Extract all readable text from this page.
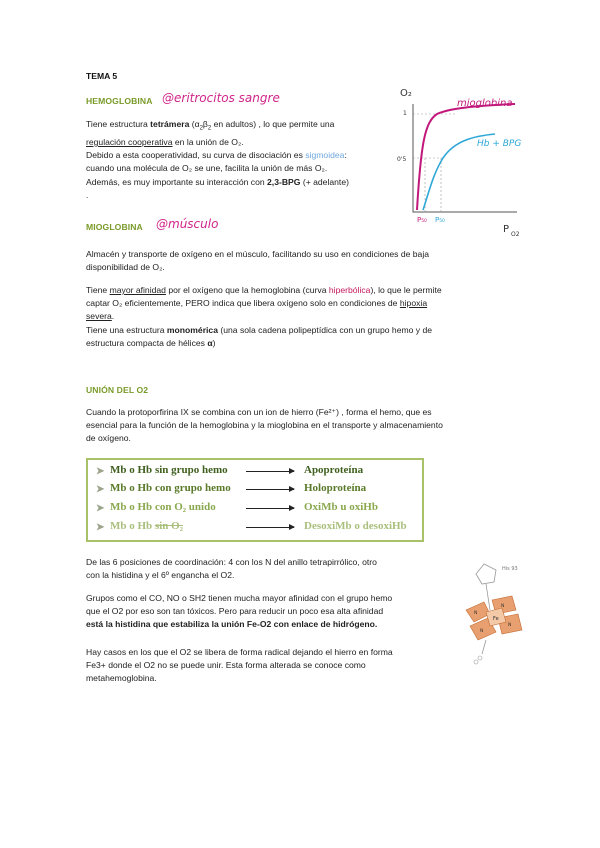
TEMA 5
HEMOGLOBINA @eritrocitos sangre
Tiene estructura tetrámera ($\alpha_2\beta_2$ en adultos) , lo que permite una
regulación cooperativa en la unión de O₂.
Debido a esta cooperatividad, su curva de disociación es sigmoidea:
cuando una molécula de O₂ se une, facilita la unión de más O₂.
Además, es muy importante su interacción con 2,3-BPG (+ adelante)
.
O₂
1
0'5
mioglobina
Hb + BPG
P₅₀ P₅₀
P O2
MIOGLOBINA @músculo
Almacén y transporte de oxígeno en el músculo, facilitando su uso en condiciones de baja
disponibilidad de O₂.
Tiene mayor afinidad por el oxígeno que la hemoglobina (curva hiperbólica), lo que le permite
captar O₂ eficientemente, PERO indica que libera oxígeno solo en condiciones de hipoxia
severa.
Tiene una estructura monomérica (una sola cadena polipeptídica con un grupo hemo y de
estructura compacta de hélices α)
UNIÓN DEL O2
Cuando la protoporfirina IX se combina con un ion de hierro (Fe²⁺) , forma el hemo, que es
esencial para la función de la hemoglobina y la mioglobina en el transporte y almacenamiento
de oxígeno.
➤ Mb o Hb sin grupo hemo	Apoproteína
➤ Mb o Hb con grupo hemo	Holoproteína
➤ Mb o Hb con O₂ unido	OxiMb u oxiHb
➤ Mb o Hb sin O₂	DesoxiMb o desoxiHb
De las 6 posiciones de coordinación: 4 con los N del anillo tetrapirrólico, otro
con la histidina y el 6º engancha el O2.
Grupos como el CO, NO o SH2 tienen mucha mayor afinidad con el grupo hemo
que el O2 por eso son tan tóxicos. Pero para reducir un poco esa alta afinidad
está la histidina que estabiliza la unión Fe-O2 con enlace de hidrógeno.
Hay casos en los que el O2 se libera de forma radical dejando el hierro en forma
Fe3+ donde el O2 no se puede unir. Esta forma alterada se conoce como
metahemoglobina.
His 93
Fe
N
N
N
N
